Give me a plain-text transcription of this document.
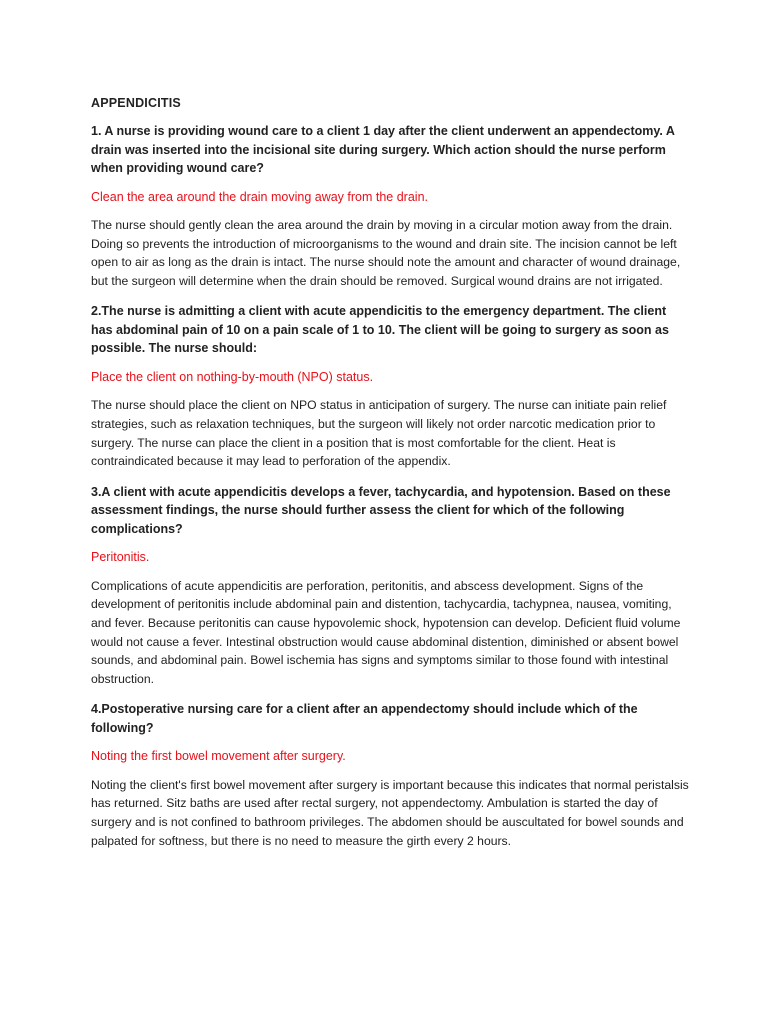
APPENDICITIS
1. A nurse is providing wound care to a client 1 day after the client underwent an appendectomy. A drain was inserted into the incisional site during surgery. Which action should the nurse perform when providing wound care?
Clean the area around the drain moving away from the drain.
The nurse should gently clean the area around the drain by moving in a circular motion away from the drain. Doing so prevents the introduction of microorganisms to the wound and drain site. The incision cannot be left open to air as long as the drain is intact. The nurse should note the amount and character of wound drainage, but the surgeon will determine when the drain should be removed. Surgical wound drains are not irrigated.
2.The nurse is admitting a client with acute appendicitis to the emergency department. The client has abdominal pain of 10 on a pain scale of 1 to 10. The client will be going to surgery as soon as possible. The nurse should:
Place the client on nothing-by-mouth (NPO) status.
The nurse should place the client on NPO status in anticipation of surgery. The nurse can initiate pain relief strategies, such as relaxation techniques, but the surgeon will likely not order narcotic medication prior to surgery. The nurse can place the client in a position that is most comfortable for the client. Heat is contraindicated because it may lead to perforation of the appendix.
3.A client with acute appendicitis develops a fever, tachycardia, and hypotension. Based on these assessment findings, the nurse should further assess the client for which of the following complications?
Peritonitis.
Complications of acute appendicitis are perforation, peritonitis, and abscess development. Signs of the development of peritonitis include abdominal pain and distention, tachycardia, tachypnea, nausea, vomiting, and fever. Because peritonitis can cause hypovolemic shock, hypotension can develop. Deficient fluid volume would not cause a fever. Intestinal obstruction would cause abdominal distention, diminished or absent bowel sounds, and abdominal pain. Bowel ischemia has signs and symptoms similar to those found with intestinal obstruction.
4.Postoperative nursing care for a client after an appendectomy should include which of the following?
Noting the first bowel movement after surgery.
Noting the client's first bowel movement after surgery is important because this indicates that normal peristalsis has returned. Sitz baths are used after rectal surgery, not appendectomy. Ambulation is started the day of surgery and is not confined to bathroom privileges. The abdomen should be auscultated for bowel sounds and palpated for softness, but there is no need to measure the girth every 2 hours.
